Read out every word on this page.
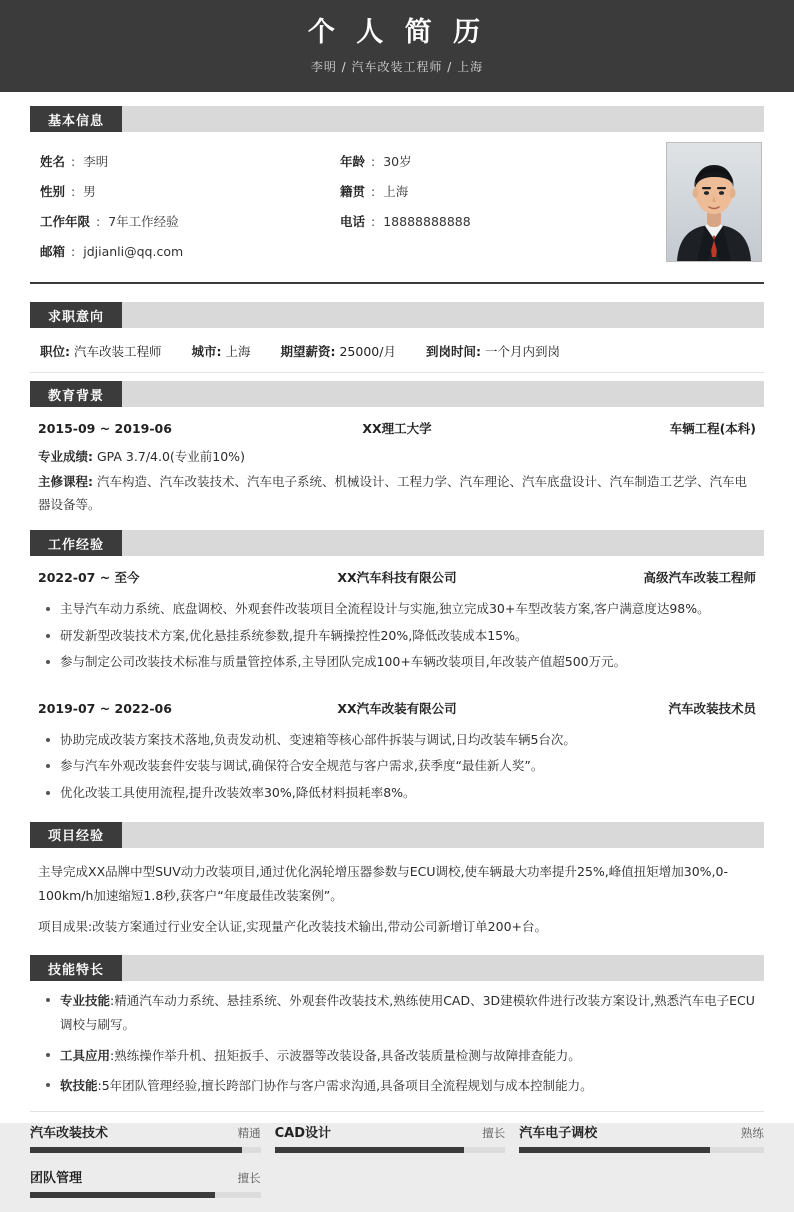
个 人 简 历
李明 / 汽车改装工程师 / 上海
基本信息
姓名 : 李明	年龄 : 30岁
性别 : 男	籍贯 : 上海
工作年限 : 7年工作经验	电话 : 18888888888
邮箱 : jdjianli@qq.com
求职意向
职位: 汽车改装工程师 城市: 上海 期望薪资: 25000/月 到岗时间: 一个月内到岗
教育背景
2015-09 ~ 2019-06	XX理工大学	车辆工程(本科)
专业成绩: GPA 3.7/4.0(专业前10%)
主修课程: 汽车构造、汽车改装技术、汽车电子系统、机械设计、工程力学、汽车理论、汽车底盘设计、汽车制造工艺学、汽车电器设备等。
工作经验
2022-07 ~ 至今	XX汽车科技有限公司	高级汽车改装工程师
主导汽车动力系统、底盘调校、外观套件改装项目全流程设计与实施,独立完成30+车型改装方案,客户满意度达98%。
研发新型改装技术方案,优化悬挂系统参数,提升车辆操控性20%,降低改装成本15%。
参与制定公司改装技术标准与质量管控体系,主导团队完成100+车辆改装项目,年改装产值超500万元。
2019-07 ~ 2022-06	XX汽车改装有限公司	汽车改装技术员
协助完成改装方案技术落地,负责发动机、变速箱等核心部件拆装与调试,日均改装车辆5台次。
参与汽车外观改装套件安装与调试,确保符合安全规范与客户需求,获季度“最佳新人奖”。
优化改装工具使用流程,提升改装效率30%,降低材料损耗率8%。
项目经验
主导完成XX品牌中型SUV动力改装项目,通过优化涡轮增压器参数与ECU调校,使车辆最大功率提升25%,峰值扭矩增加30%,0-100km/h加速缩短1.8秒,获客户“年度最佳改装案例”。
项目成果:改装方案通过行业安全认证,实现量产化改装技术输出,带动公司新增订单200+台。
技能特长
专业技能:精通汽车动力系统、悬挂系统、外观套件改装技术,熟练使用CAD、3D建模软件进行改装方案设计,熟悉汽车电子ECU调校与刷写。
工具应用:熟练操作举升机、扭矩扳手、示波器等改装设备,具备改装质量检测与故障排查能力。
软技能:5年团队管理经验,擅长跨部门协作与客户需求沟通,具备项目全流程规划与成本控制能力。
汽车改装技术	精通 CAD设计	擅长 汽车电子调校	熟练
团队管理	擅长
